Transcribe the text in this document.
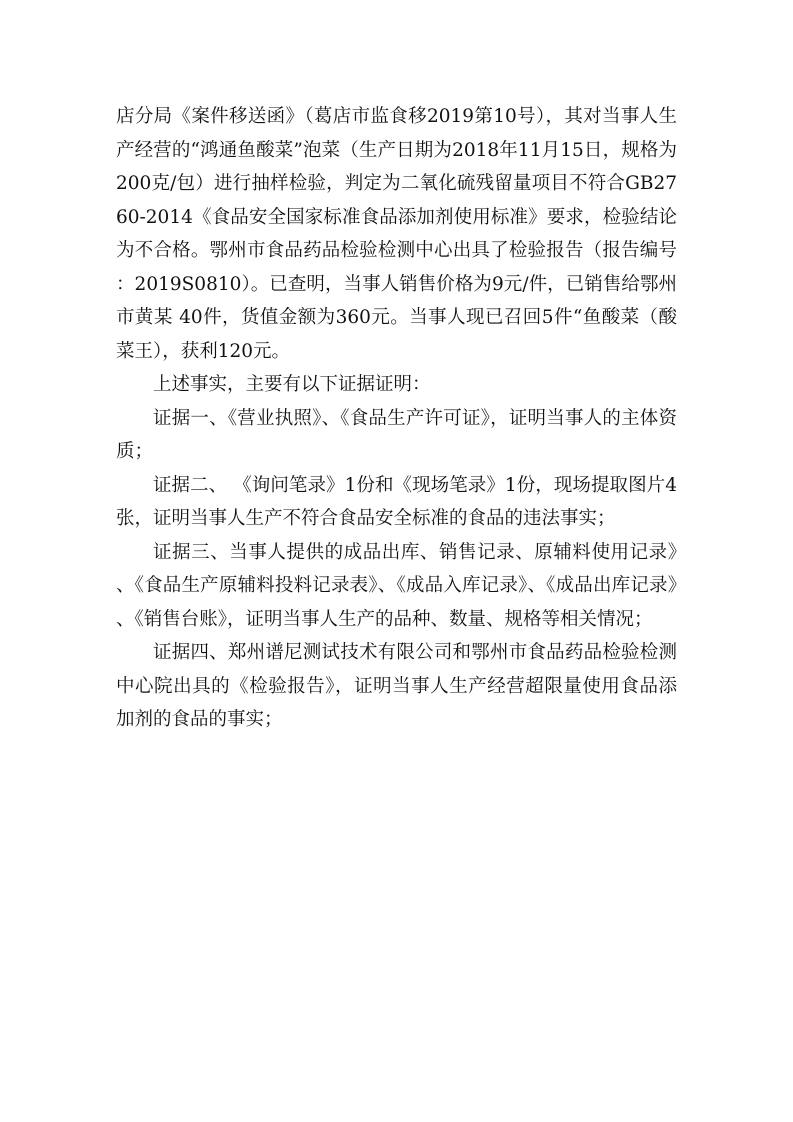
店分局《案件移送函》（葛店市监食移2019第10号），其对当事人生产经营的“鸿通鱼酸菜”泡菜（生产日期为2018年11月15日，规格为200克/包）进行抽样检验，判定为二氧化硫残留量项目不符合GB2760-2014《食品安全国家标准食品添加剂使用标准》要求，检验结论为不合格。鄂州市食品药品检验检测中心出具了检验报告（报告编号：2019S0810）。已查明，当事人销售价格为9元/件，已销售给鄂州市黄某 40件，货值金额为360元。当事人现已召回5件“鱼酸菜（酸菜王），获利120元。

上述事实，主要有以下证据证明：

证据一、《营业执照》、《食品生产许可证》，证明当事人的主体资质；

证据二、 《询问笔录》1份和《现场笔录》1份，现场提取图片4张，证明当事人生产不符合食品安全标准的食品的违法事实；

证据三、当事人提供的成品出库、销售记录、原辅料使用记录》、《食品生产原辅料投料记录表》、《成品入库记录》、《成品出库记录》、《销售台账》，证明当事人生产的品种、数量、规格等相关情况；

证据四、郑州谱尼测试技术有限公司和鄂州市食品药品检验检测中心院出具的《检验报告》，证明当事人生产经营超限量使用食品添加剂的食品的事实；
